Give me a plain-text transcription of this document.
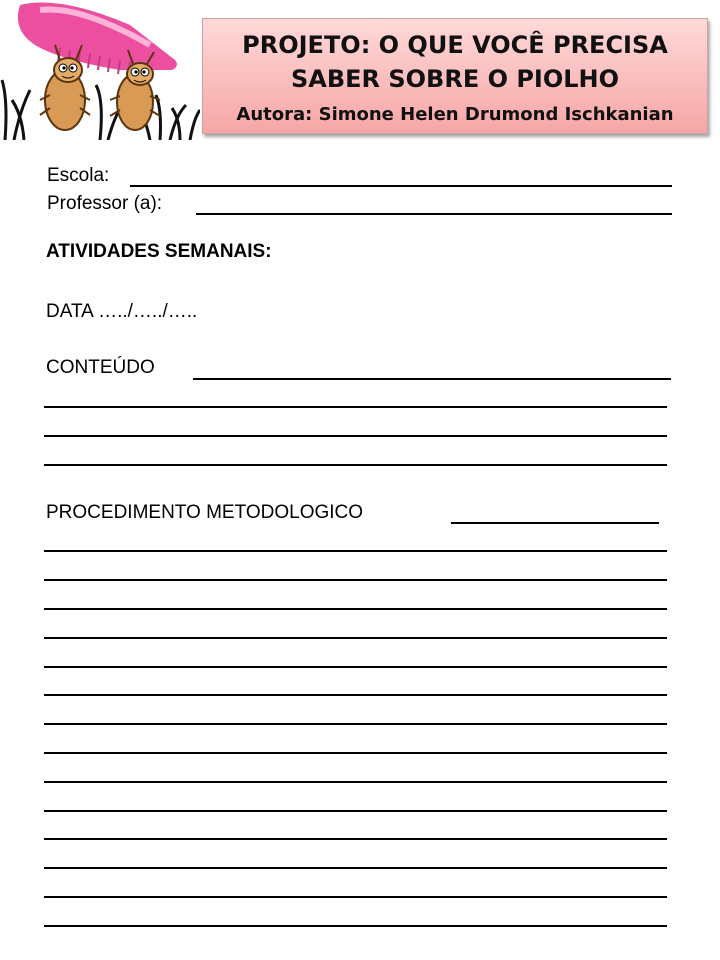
PROJETO: O QUE VOCÊ PRECISA
SABER SOBRE O PIOLHO
Autora: Simone Helen Drumond Ischkanian
Escola:
Professor (a):
ATIVIDADES SEMANAIS:
DATA …../…../…..
CONTEÚDO
PROCEDIMENTO METODOLOGICO
